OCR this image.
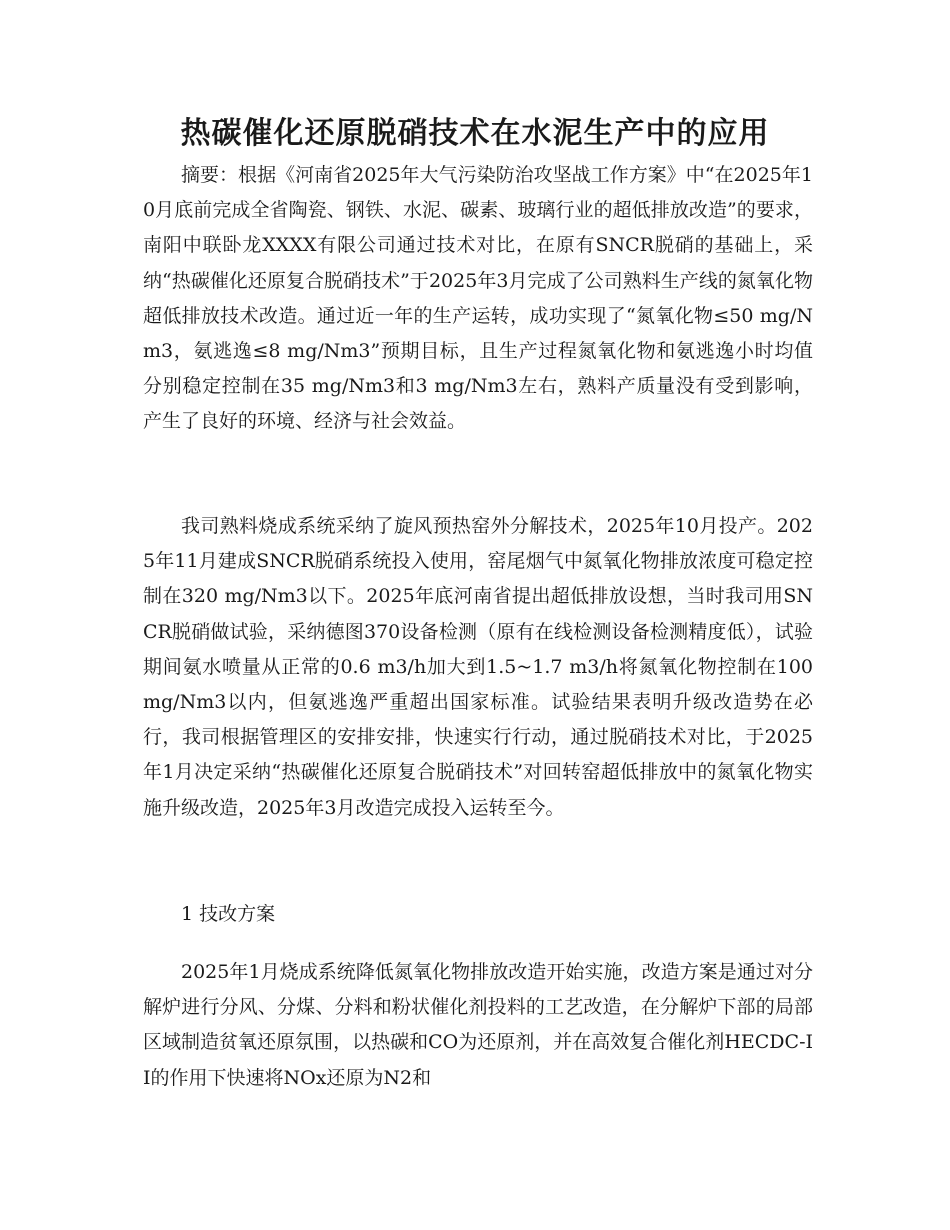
热碳催化还原脱硝技术在水泥生产中的应用

摘要：根据《河南省2025年大气污染防治攻坚战工作方案》中“在2025年10月底前完成全省陶瓷、钢铁、水泥、碳素、玻璃行业的超低排放改造”的要求，南阳中联卧龙XXXX有限公司通过技术对比，在原有SNCR脱硝的基础上，采纳“热碳催化还原复合脱硝技术”于2025年3月完成了公司熟料生产线的氮氧化物超低排放技术改造。通过近一年的生产运转，成功实现了“氮氧化物≤50 mg/Nm3，氨逃逸≤8 mg/Nm3”预期目标，且生产过程氮氧化物和氨逃逸小时均值分别稳定控制在35 mg/Nm3和3 mg/Nm3左右，熟料产质量没有受到影响，产生了良好的环境、经济与社会效益。

我司熟料烧成系统采纳了旋风预热窑外分解技术，2025年10月投产。2025年11月建成SNCR脱硝系统投入使用，窑尾烟气中氮氧化物排放浓度可稳定控制在320 mg/Nm3以下。2025年底河南省提出超低排放设想，当时我司用SNCR脱硝做试验，采纳德图370设备检测（原有在线检测设备检测精度低），试验期间氨水喷量从正常的0.6 m3/h加大到1.5~1.7 m3/h将氮氧化物控制在100 mg/Nm3以内，但氨逃逸严重超出国家标准。试验结果表明升级改造势在必行，我司根据管理区的安排安排，快速实行行动，通过脱硝技术对比，于2025年1月决定采纳“热碳催化还原复合脱硝技术”对回转窑超低排放中的氮氧化物实施升级改造，2025年3月改造完成投入运转至今。

1 技改方案

2025年1月烧成系统降低氮氧化物排放改造开始实施，改造方案是通过对分解炉进行分风、分煤、分料和粉状催化剂投料的工艺改造，在分解炉下部的局部区域制造贫氧还原氛围，以热碳和CO为还原剂，并在高效复合催化剂HECDC-II的作用下快速将NOx还原为N2和
